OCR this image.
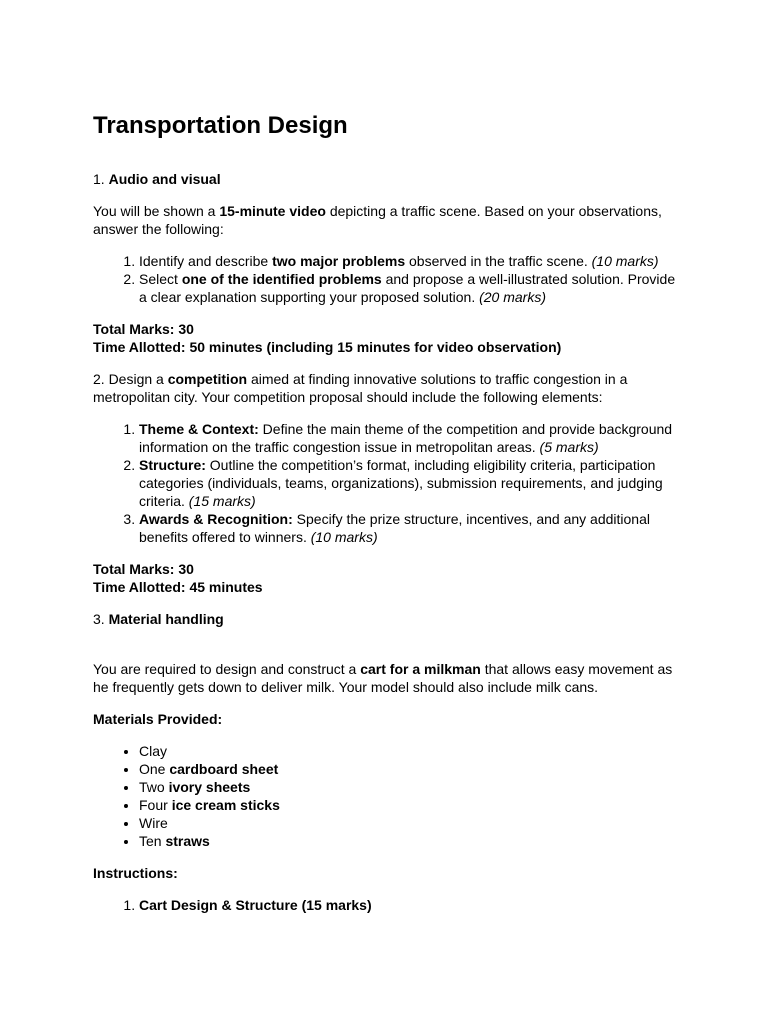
Transportation Design

1. Audio and visual

You will be shown a 15-minute video depicting a traffic scene. Based on your observations, answer the following:

1. Identify and describe two major problems observed in the traffic scene. (10 marks)
2. Select one of the identified problems and propose a well-illustrated solution. Provide a clear explanation supporting your proposed solution. (20 marks)

Total Marks: 30
Time Allotted: 50 minutes (including 15 minutes for video observation)

2. Design a competition aimed at finding innovative solutions to traffic congestion in a metropolitan city. Your competition proposal should include the following elements:

1. Theme & Context: Define the main theme of the competition and provide background information on the traffic congestion issue in metropolitan areas. (5 marks)
2. Structure: Outline the competition’s format, including eligibility criteria, participation categories (individuals, teams, organizations), submission requirements, and judging criteria. (15 marks)
3. Awards & Recognition: Specify the prize structure, incentives, and any additional benefits offered to winners. (10 marks)

Total Marks: 30
Time Allotted: 45 minutes

3. Material handling

You are required to design and construct a cart for a milkman that allows easy movement as he frequently gets down to deliver milk. Your model should also include milk cans.

Materials Provided:

• Clay
• One cardboard sheet
• Two ivory sheets
• Four ice cream sticks
• Wire
• Ten straws

Instructions:

1. Cart Design & Structure (15 marks)
